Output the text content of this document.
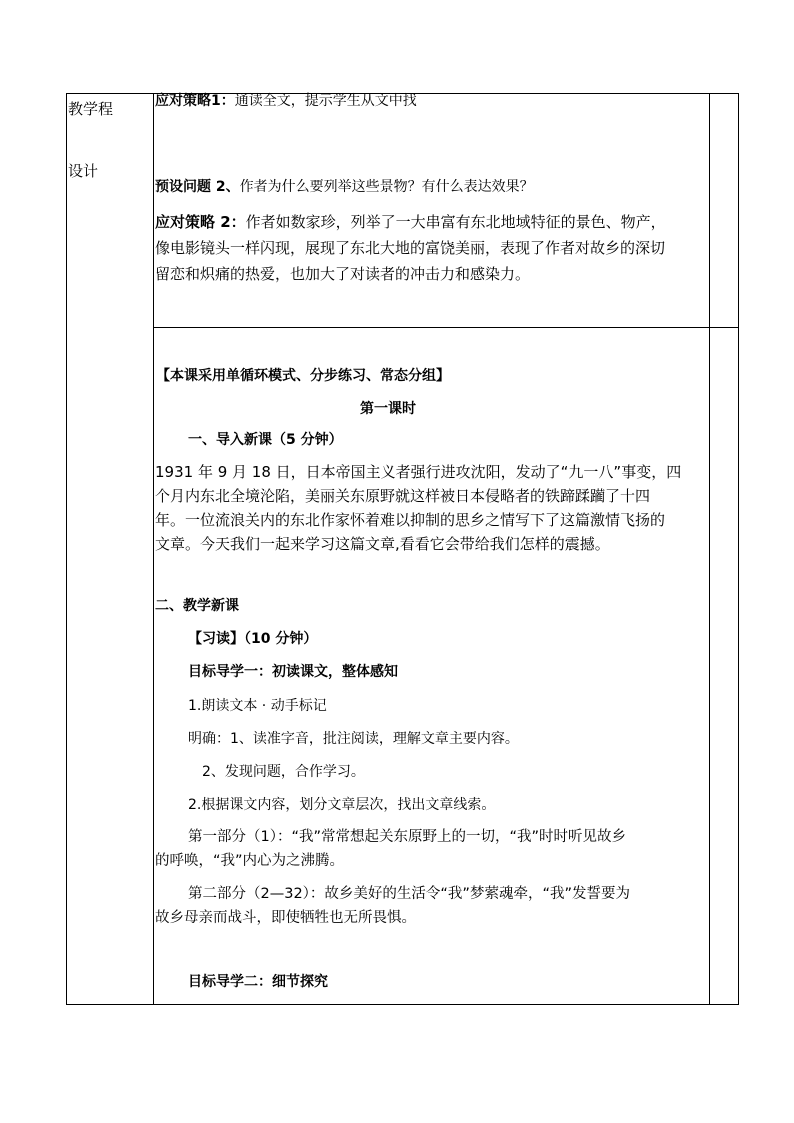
教学程
设计
应对策略1：通读全文，提示学生从文中找
预设问题 2、作者为什么要列举这些景物？有什么表达效果？
应对策略 2：作者如数家珍，列举了一大串富有东北地域特征的景色、物产，
像电影镜头一样闪现，展现了东北大地的富饶美丽，表现了作者对故乡的深切
留恋和炽痛的热爱，也加大了对读者的冲击力和感染力。
【本课采用单循环模式、分步练习、常态分组】
第一课时
一、导入新课（5 分钟）
1931 年 9 月 18 日，日本帝国主义者强行进攻沈阳，发动了“九一八”事变，四
个月内东北全境沦陷，美丽关东原野就这样被日本侵略者的铁蹄蹂躏了十四
年。一位流浪关内的东北作家怀着难以抑制的思乡之情写下了这篇激情飞扬的
文章。今天我们一起来学习这篇文章,看看它会带给我们怎样的震撼。
二、教学新课
【习读】（10 分钟）
目标导学一：初读课文，整体感知
1.朗读文本 · 动手标记
明确：1、读准字音，批注阅读，理解文章主要内容。
2、发现问题，合作学习。
2.根据课文内容，划分文章层次，找出文章线索。
第一部分（1）：“我”常常想起关东原野上的一切，“我”时时听见故乡
的呼唤，“我”内心为之沸腾。
第二部分（2—32）：故乡美好的生活令“我”梦萦魂牵，“我”发誓要为
故乡母亲而战斗，即使牺牲也无所畏惧。
目标导学二：细节探究
